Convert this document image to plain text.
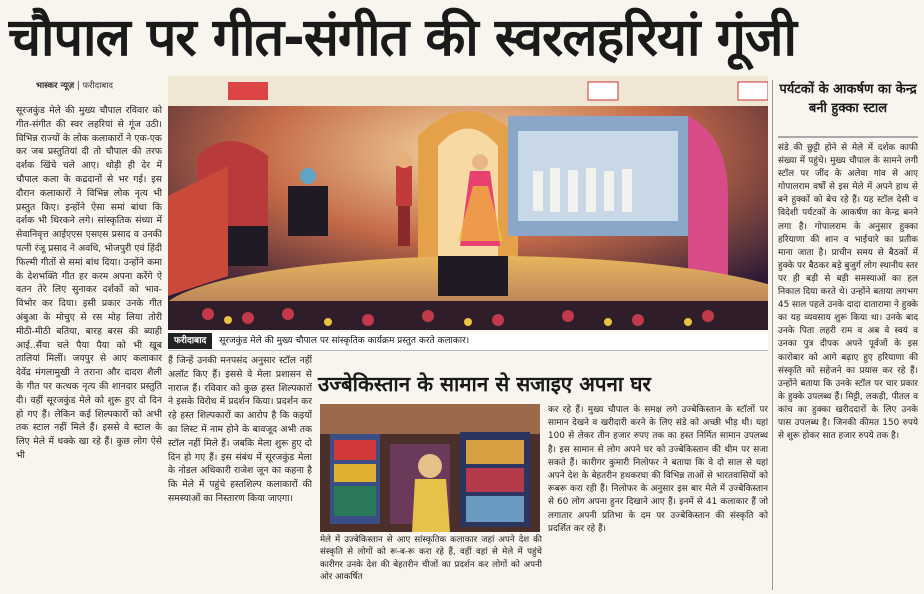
चौपाल पर गीत-संगीत की स्वरलहरियां गूंजी
भास्कर न्यूज़ | फरीदाबाद
सूरजकुंड मेले की मुख्य चौपाल रविवार को गीत-संगीत की स्वर लहरियां से गूंज उठी। विभिन्न राज्यों के लोक कलाकारों ने एक-एक कर जब प्रस्तुतियां दी तो चौपाल की तरफ दर्शक खिंचे चले आए। थोड़ी ही देर में चौपाल कला के कद्रदानों से भर गई। इस दौरान कलाकारों ने विभिन्न लोक नृत्य भी प्रस्तुत किए। इन्होंने ऐसा समां बांधा कि दर्शक भी थिरकने लगे। सांस्कृतिक संध्या में सेवानिवृत्त आईएएस एसएस प्रसाद व उनकी पत्नी रंजू प्रसाद ने अवधि, भोजपुरी एवं हिंदी फिल्मी गीतों से समां बांध दिया। उन्होंने कमा के देशभक्ति गीत हर करम अपना करेंगे ऐ वतन तेरे लिए सुनाकर दर्शकों को भाव-विभोर कर दिया। इसी प्रकार उनके गीत अंबुआ के मोचुए से रस मोह लिया तोरी मीठी-मीठी बतिया, बारह बरस की ब्याही आई..सैंया चले पैया पैया को भी खूब तालियां मिलीं। जयपुर से आए कलाकार देवेंद्र मंगलामुखी ने तराना और दादरा शैली के गीत पर कत्थक नृत्य की शानदार प्रस्तुति दी। वहीं सूरजकुंड मेले को शुरू हुए दो दिन हो गए हैं। लेकिन कई शिल्पकारों को अभी तक स्टाल नहीं मिले हैं। इससे वे स्टाल के लिए मेले में धक्के खा रहे हैं। कुछ लोग ऐसे भी
फरीदाबाद सूरजकुंड मेले की मुख्य चौपाल पर सांस्कृतिक कार्यक्रम प्रस्तुत करते कलाकार।
हैं जिन्हें उनकी मनपसंद अनुसार स्टॉल नहीं अलॉट किए हैं। इससे वे मेला प्रशासन से नाराज हैं। रविवार को कुछ हस्त शिल्पकारों ने इसके विरोध में प्रदर्शन किया। प्रदर्शन कर रहे हस्त शिल्पकारों का आरोप है कि कइयों का लिस्ट में नाम होने के बावजूद अभी तक स्टॉल नहीं मिले हैं। जबकि मेला शुरू हुए दो दिन हो गए हैं। इस संबंध में सूरजकुंड मेला के नोडल अधिकारी राजेश जून का कहना है कि मेले में पहुंचे हस्तशिल्प कलाकारों की समस्याओं का निस्तारण किया जाएगा।
उज्बेकिस्तान के सामान से सजाइए अपना घर
मेले में उज्बेकिस्तान से आए सांस्कृतिक कलाकार जहां अपने देश की संस्कृति से लोगों को रू-ब-रू करा रहे हैं, वहीं वहां से मेले में पहुंचे कारीगर उनके देश की बेहतरीन चीजों का प्रदर्शन कर लोगों को अपनी ओर आकर्षित
कर रहे हैं। मुख्य चौपाल के समक्ष लगे उज्बेकिस्तान के स्टॉलों पर सामान देखने व खरीदारी करने के लिए संडे को अच्छी भीड़ थी। यहां 100 से लेकर तीन हजार रुपए तक का हस्त निर्मित सामान उपलब्ध है। इस सामान से लोग अपने घर को उज्बेकिस्तान की थीम पर सजा सकते हैं। कारीगर कुमारी निलोफर ने बताया कि वे दो साल से यहां अपने देश के बेहतरीन हथकरघा की विभिन्न ताओं से भारतवासियों को रूबरू करा रही हैं। निलोफर के अनुसार इस बार मेले में उज्बेकिस्तान से 60 लोग अपना हुनर दिखाने आए हैं। इनमें से 41 कलाकार हैं जो लगातार अपनी प्रतिभा के दम पर उज्बेकिस्तान की संस्कृति को प्रदर्शित कर रहे हैं।
पर्यटकों के आकर्षण का केन्द्र बनी हुक्का स्टाल
संडे की छुट्टी होने से मेले में दर्शक काफी संख्या में पहुंचे। मुख्य चौपाल के सामने लगी स्टॉल पर जींद के अलेवा गांव से आए गोपालराम वर्षों से इस मेले में अपने हाथ से बने हुक्कों को बेच रहे हैं। यह स्टॉल देसी व विदेशी पर्यटकों के आकर्षण का केन्द्र बनने लगा है। गोपालराम के अनुसार हुक्का हरियाणा की शान व भाईचारे का प्रतीक माना जाता है। प्राचीन समय से बैठकों में हुक्के पर बैठकर बड़े बुजुर्ग लोग स्थानीय स्तर पर ही बड़ी से बड़ी समस्याओं का हल निकाल दिया करते थे। उन्होंने बताया लगभग 45 साल पहले उनके दादा दातारामा ने हुक्के का यह व्यवसाय शुरू किया था। उनके बाद उनके पिता लहरी राम व अब वे स्वयं व उनका पुत्र दीपक अपने पूर्वजों के इस कारोबार को आगे बढ़ाए हुए हरियाणा की संस्कृति को सहेजने का प्रयास कर रहे हैं। उन्होंने बताया कि उनके स्टॉल पर चार प्रकार के हुक्के उपलब्ध हैं। मिट्टी, लकड़ी, पीतल व कांच का हुक्का खरीददारों के लिए उनके पास उपलब्ध है। जिनकी कीमत 150 रुपये से शुरू होकर सात हजार रुपये तक है।
